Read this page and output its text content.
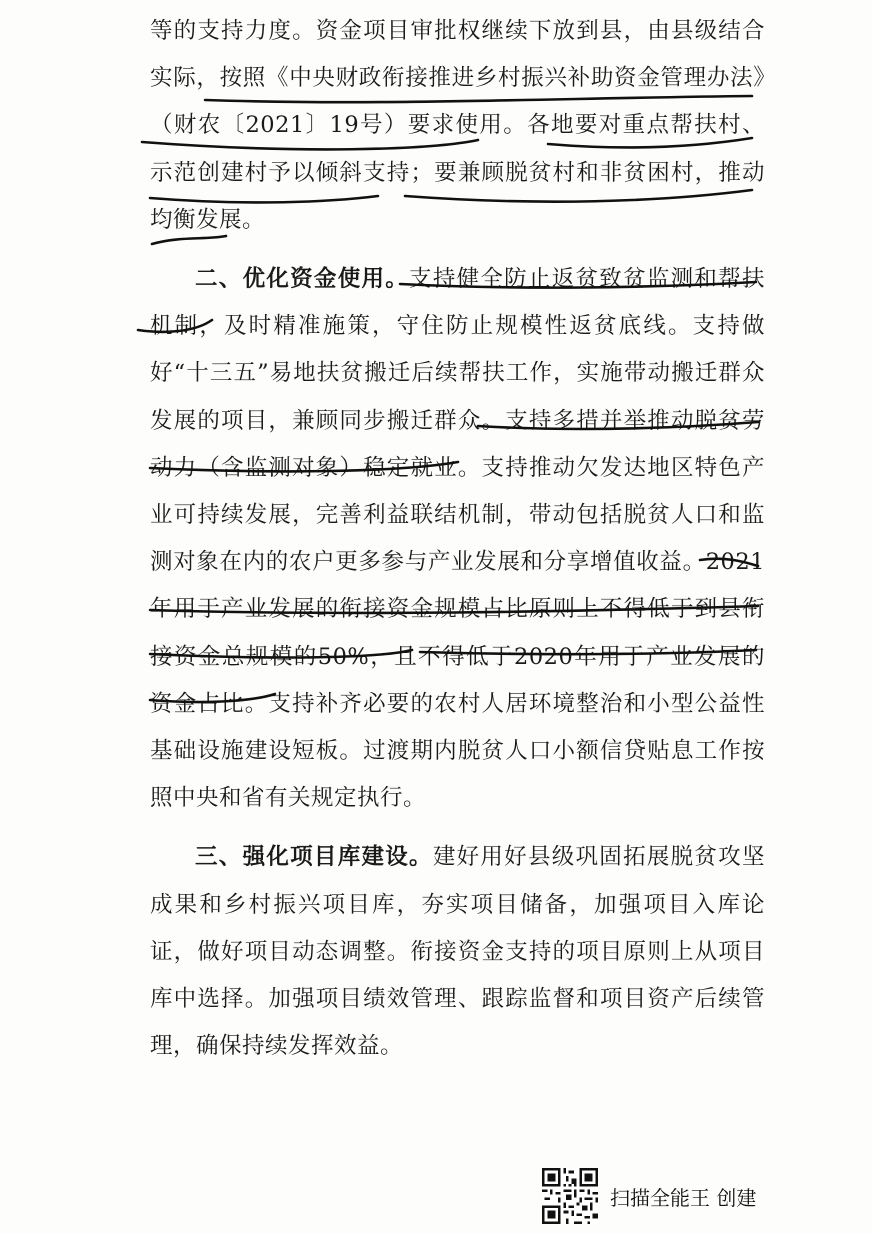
等的支持力度。资金项目审批权继续下放到县，由县级结合实际，按照《中央财政衔接推进乡村振兴补助资金管理办法》（财农〔2021〕19号）要求使用。各地要对重点帮扶村、示范创建村予以倾斜支持；要兼顾脱贫村和非贫困村，推动均衡发展。

二、优化资金使用。支持健全防止返贫致贫监测和帮扶机制，及时精准施策，守住防止规模性返贫底线。支持做好“十三五”易地扶贫搬迁后续帮扶工作，实施带动搬迁群众发展的项目，兼顾同步搬迁群众。支持多措并举推动脱贫劳动力（含监测对象）稳定就业。支持推动欠发达地区特色产业可持续发展，完善利益联结机制，带动包括脱贫人口和监测对象在内的农户更多参与产业发展和分享增值收益。2021年用于产业发展的衔接资金规模占比原则上不得低于到县衔接资金总规模的50%，且不得低于2020年用于产业发展的资金占比。支持补齐必要的农村人居环境整治和小型公益性基础设施建设短板。过渡期内脱贫人口小额信贷贴息工作按照中央和省有关规定执行。

三、强化项目库建设。建好用好县级巩固拓展脱贫攻坚成果和乡村振兴项目库，夯实项目储备，加强项目入库论证，做好项目动态调整。衔接资金支持的项目原则上从项目库中选择。加强项目绩效管理、跟踪监督和项目资产后续管理，确保持续发挥效益。

扫描全能王 创建
